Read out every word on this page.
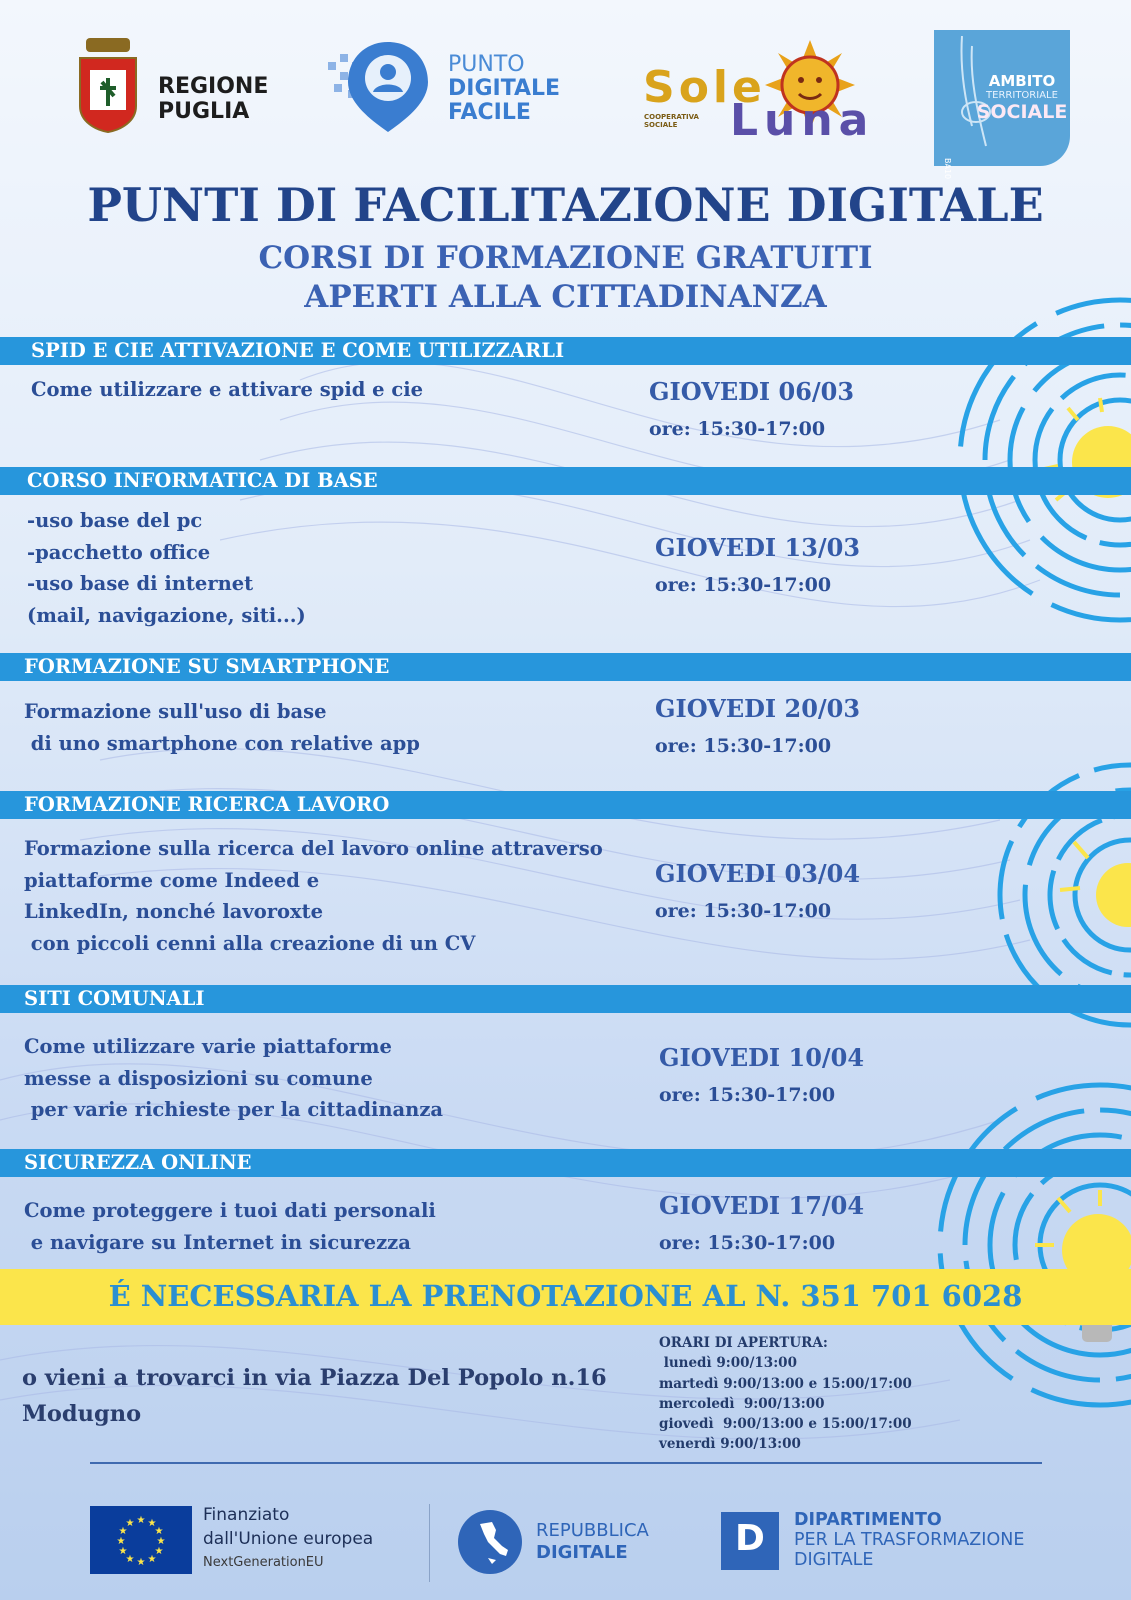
REGIONE
PUGLIA
PUNTO
DIGITALE
FACILE	Sole
COOPERATIVA
SOCIALE	Luna
AMBITO
TERRITORIALE
SOCIALE
BA10
PUNTI DI FACILITAZIONE DIGITALE
CORSI DI FORMAZIONE GRATUITI
APERTI ALLA CITTADINANZA
SPID E CIE ATTIVAZIONE E COME UTILIZZARLI
Come utilizzare e attivare spid e cie	GIOVEDI 06/03
ore: 15:30-17:00
CORSO INFORMATICA DI BASE
-uso base del pc
-pacchetto office
-uso base di internet
(mail, navigazione, siti...)
GIOVEDI 13/03
ore: 15:30-17:00
FORMAZIONE SU SMARTPHONE
Formazione sull'uso di base
di uno smartphone con relative app
GIOVEDI 20/03
ore: 15:30-17:00
FORMAZIONE RICERCA LAVORO
Formazione sulla ricerca del lavoro online attraverso
piattaforme come Indeed e
LinkedIn, nonché lavoroxte
con piccoli cenni alla creazione di un CV
GIOVEDI 03/04
ore: 15:30-17:00
SITI COMUNALI
Come utilizzare varie piattaforme
messe a disposizioni su comune
per varie richieste per la cittadinanza
GIOVEDI 10/04
ore: 15:30-17:00
SICUREZZA ONLINE
Come proteggere i tuoi dati personali
e navigare su Internet in sicurezza
GIOVEDI 17/04
ore: 15:30-17:00
É NECESSARIA LA PRENOTAZIONE AL N. 351 701 6028
o vieni a trovarci in via Piazza Del Popolo n.16
Modugno
ORARI DI APERTURA:
lunedì 9:00/13:00
martedì 9:00/13:00 e 15:00/17:00
mercoledì  9:00/13:00
giovedì  9:00/13:00 e 15:00/17:00
venerdì 9:00/13:00
★ ★
★
★
★
★
★
★
★
★
★
★	Finanziato
dall'Unione europea
NextGenerationEU
REPUBBLICA
DIGITALE	D DIPARTIMENTO
PER LA TRASFORMAZIONE
DIGITALE
